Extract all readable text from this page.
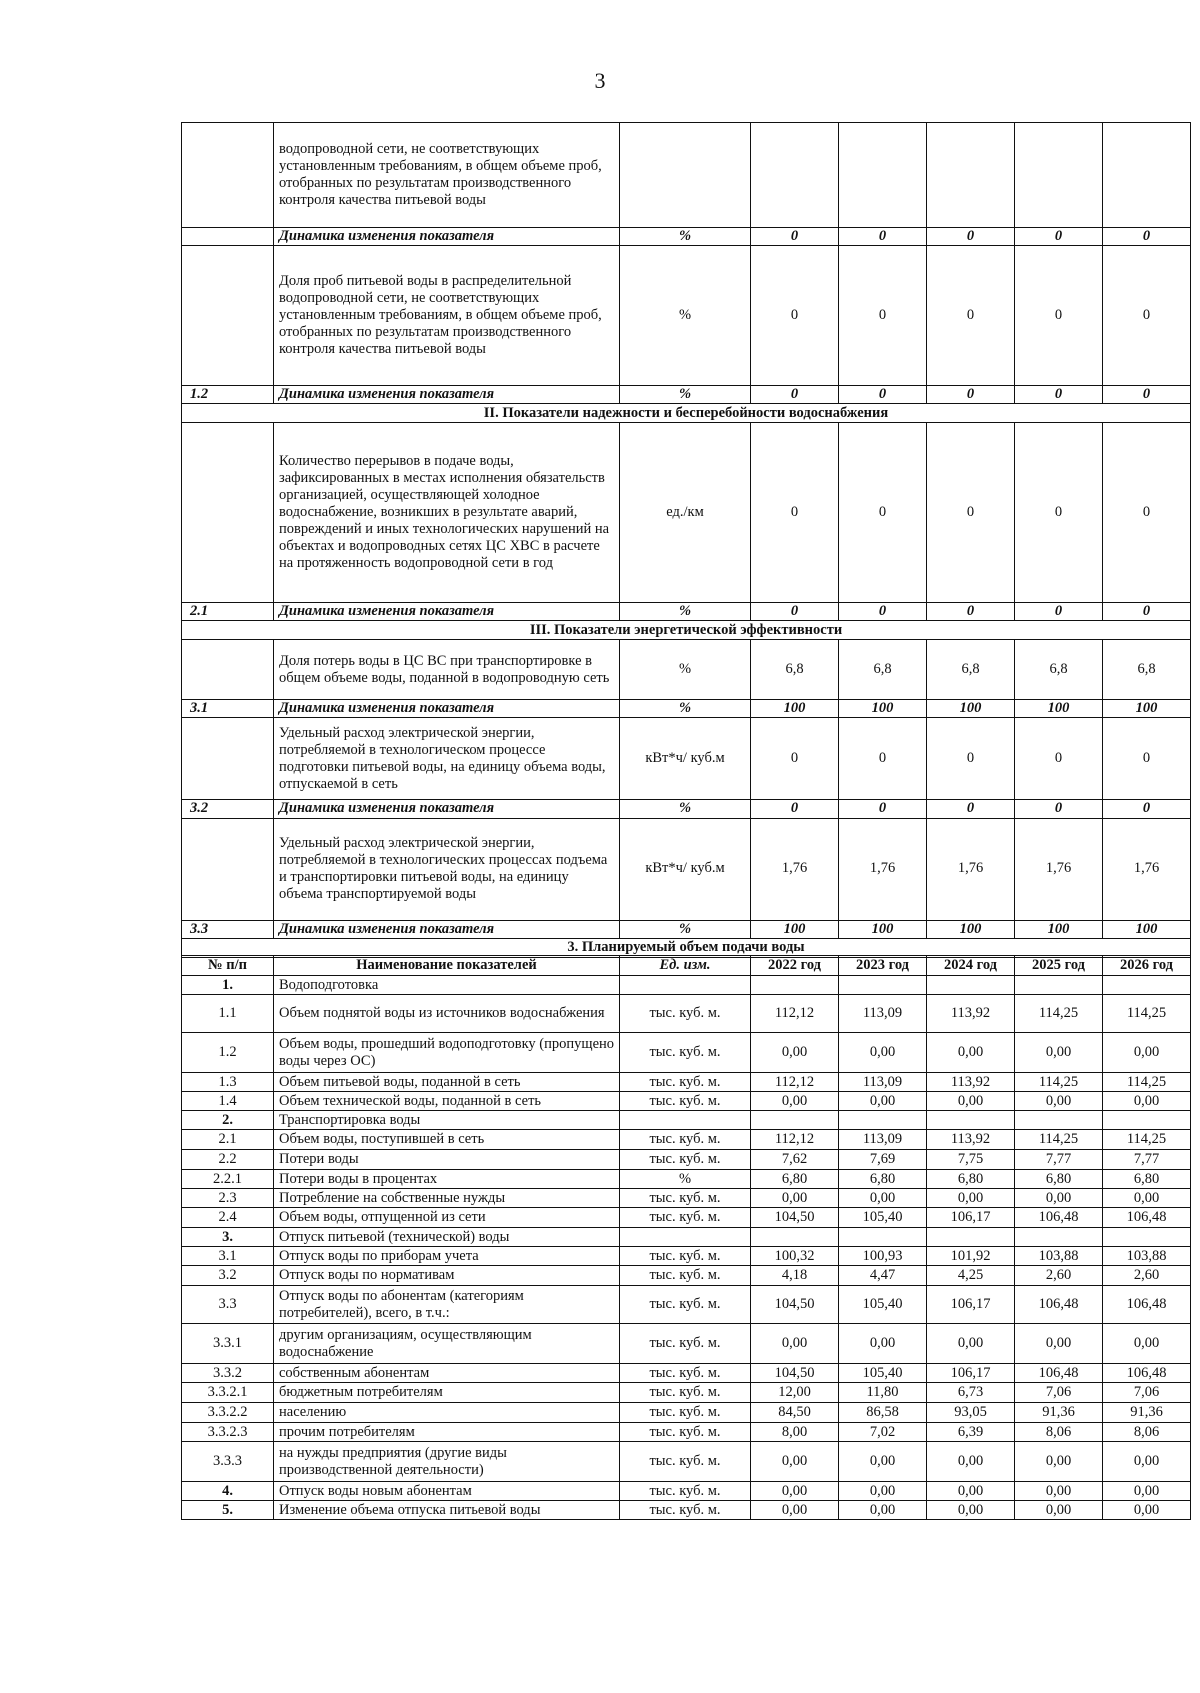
3
	водопроводной сети, не соответствующих установленным требованиям, в общем объеме проб, отобранных по результатам производственного контроля качества питьевой воды						
	Динамика изменения показателя	%	0	0	0	0	0
	Доля проб питьевой воды в распределительной водопроводной сети, не соответствующих установленным требованиям, в общем объеме проб, отобранных по результатам производственного контроля качества питьевой воды	%	0	0	0	0	0
1.2	Динамика изменения показателя	%	0	0	0	0	0
II. Показатели надежности и бесперебойности водоснабжения							
	Количество перерывов в подаче воды, зафиксированных в местах исполнения обязательств организацией, осуществляющей холодное водоснабжение, возникших в результате аварий, повреждений и иных технологических нарушений на объектах и водопроводных сетях ЦС ХВС в расчете на протяженность водопроводной сети в год	ед./км	0	0	0	0	0
2.1	Динамика изменения показателя	%	0	0	0	0	0
III. Показатели энергетической эффективности							
	Доля потерь воды в ЦС ВС при транспортировке в общем объеме воды, поданной в водопроводную сеть	%	6,8	6,8	6,8	6,8	6,8
3.1	Динамика изменения показателя	%	100	100	100	100	100
	Удельный расход электрической энергии, потребляемой в технологическом процессе подготовки питьевой воды, на единицу объема воды, отпускаемой в сеть	кВт*ч/ куб.м	0	0	0	0	0
3.2	Динамика изменения показателя	%	0	0	0	0	0
	Удельный расход электрической энергии, потребляемой в технологических процессах подъема и транспортировки питьевой воды, на единицу объема транспортируемой воды	кВт*ч/ куб.м	1,76	1,76	1,76	1,76	1,76
3.3	Динамика изменения показателя	%	100	100	100	100	100
3. Планируемый объем подачи воды							
№ п/п	Наименование показателей	Ед. изм.	2022 год	2023 год	2024 год	2025 год	2026 год
1.	Водоподготовка						
1.1	Объем поднятой воды из источников водоснабжения	тыс. куб. м.	112,12	113,09	113,92	114,25	114,25
1.2	Объем воды, прошедший водоподготовку (пропущено воды через ОС)	тыс. куб. м.	0,00	0,00	0,00	0,00	0,00
1.3	Объем питьевой воды, поданной в сеть	тыс. куб. м.	112,12	113,09	113,92	114,25	114,25
1.4	Объем технической воды, поданной в сеть	тыс. куб. м.	0,00	0,00	0,00	0,00	0,00
2.	Транспортировка воды						
2.1	Объем воды, поступившей в сеть	тыс. куб. м.	112,12	113,09	113,92	114,25	114,25
2.2	Потери воды	тыс. куб. м.	7,62	7,69	7,75	7,77	7,77
2.2.1	Потери воды в процентах	%	6,80	6,80	6,80	6,80	6,80
2.3	Потребление на собственные нужды	тыс. куб. м.	0,00	0,00	0,00	0,00	0,00
2.4	Объем воды, отпущенной из сети	тыс. куб. м.	104,50	105,40	106,17	106,48	106,48
3.	Отпуск питьевой (технической) воды						
3.1	Отпуск воды по приборам учета	тыс. куб. м.	100,32	100,93	101,92	103,88	103,88
3.2	Отпуск воды по нормативам	тыс. куб. м.	4,18	4,47	4,25	2,60	2,60
3.3	Отпуск воды по абонентам (категориям потребителей), всего, в т.ч.:	тыс. куб. м.	104,50	105,40	106,17	106,48	106,48
3.3.1	другим организациям, осуществляющим водоснабжение	тыс. куб. м.	0,00	0,00	0,00	0,00	0,00
3.3.2	собственным абонентам	тыс. куб. м.	104,50	105,40	106,17	106,48	106,48
3.3.2.1	бюджетным потребителям	тыс. куб. м.	12,00	11,80	6,73	7,06	7,06
3.3.2.2	населению	тыс. куб. м.	84,50	86,58	93,05	91,36	91,36
3.3.2.3	прочим потребителям	тыс. куб. м.	8,00	7,02	6,39	8,06	8,06
3.3.3	на нужды предприятия (другие виды производственной деятельности)	тыс. куб. м.	0,00	0,00	0,00	0,00	0,00
4.	Отпуск воды новым абонентам	тыс. куб. м.	0,00	0,00	0,00	0,00	0,00
5.	Изменение объема отпуска питьевой воды	тыс. куб. м.	0,00	0,00	0,00	0,00	0,00
